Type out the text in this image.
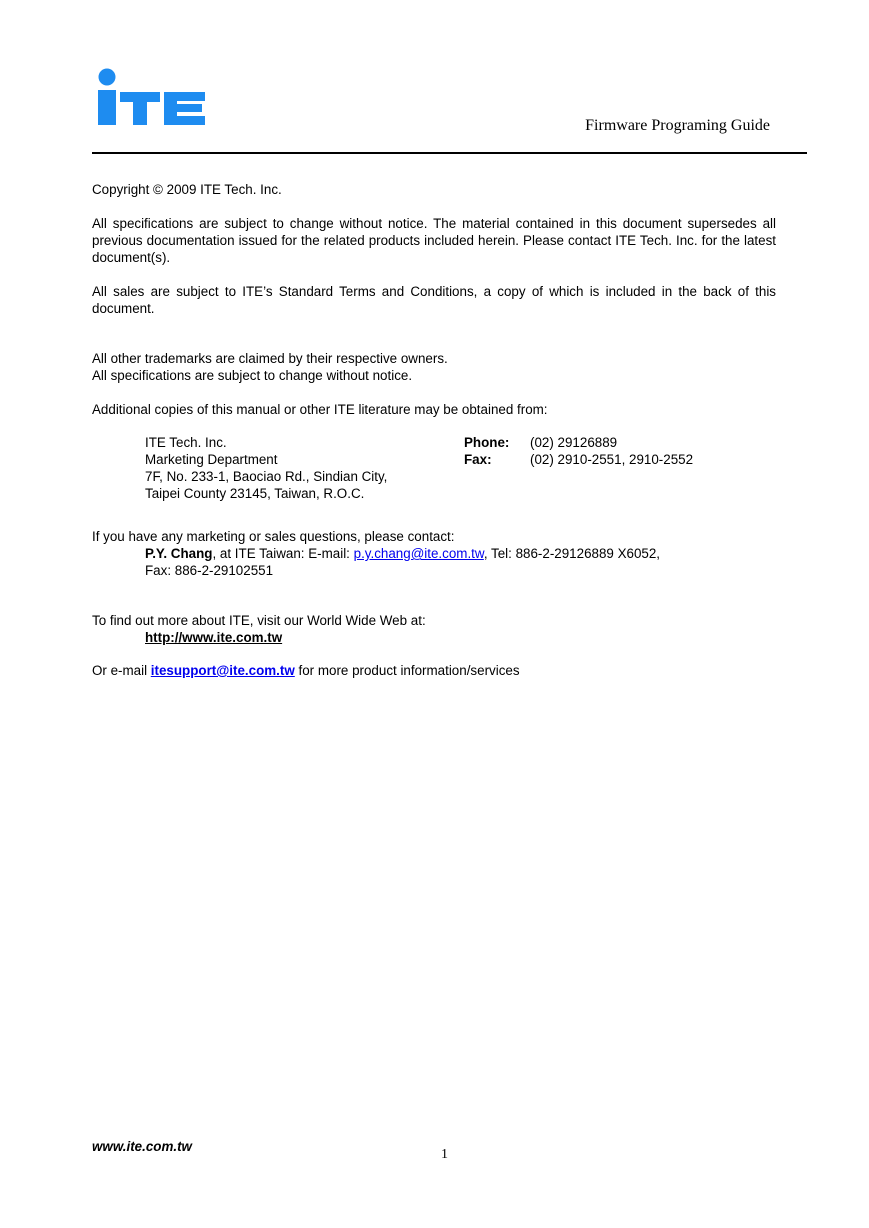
Firmware Programing Guide
Copyright © 2009 ITE Tech. Inc.
All specifications are subject to change without notice. The material contained in this document supersedes all previous documentation issued for the related products included herein. Please contact ITE Tech. Inc. for the latest document(s).
All sales are subject to ITE’s Standard Terms and Conditions, a copy of which is included in the back of this document.
All other trademarks are claimed by their respective owners.
All specifications are subject to change without notice.
Additional copies of this manual or other ITE literature may be obtained from:
ITE Tech. Inc.
Marketing Department
7F, No. 233-1, Baociao Rd., Sindian City,
Taipei County 23145, Taiwan, R.O.C.
Phone: (02) 29126889
Fax:	(02) 2910-2551, 2910-2552
If you have any marketing or sales questions, please contact:
P.Y. Chang, at ITE Taiwan: E-mail: p.y.chang@ite.com.tw, Tel: 886-2-29126889 X6052,
Fax: 886-2-29102551
To find out more about ITE, visit our World Wide Web at:
http://www.ite.com.tw
Or e-mail itesupport@ite.com.tw for more product information/services
www.ite.com.tw
1
